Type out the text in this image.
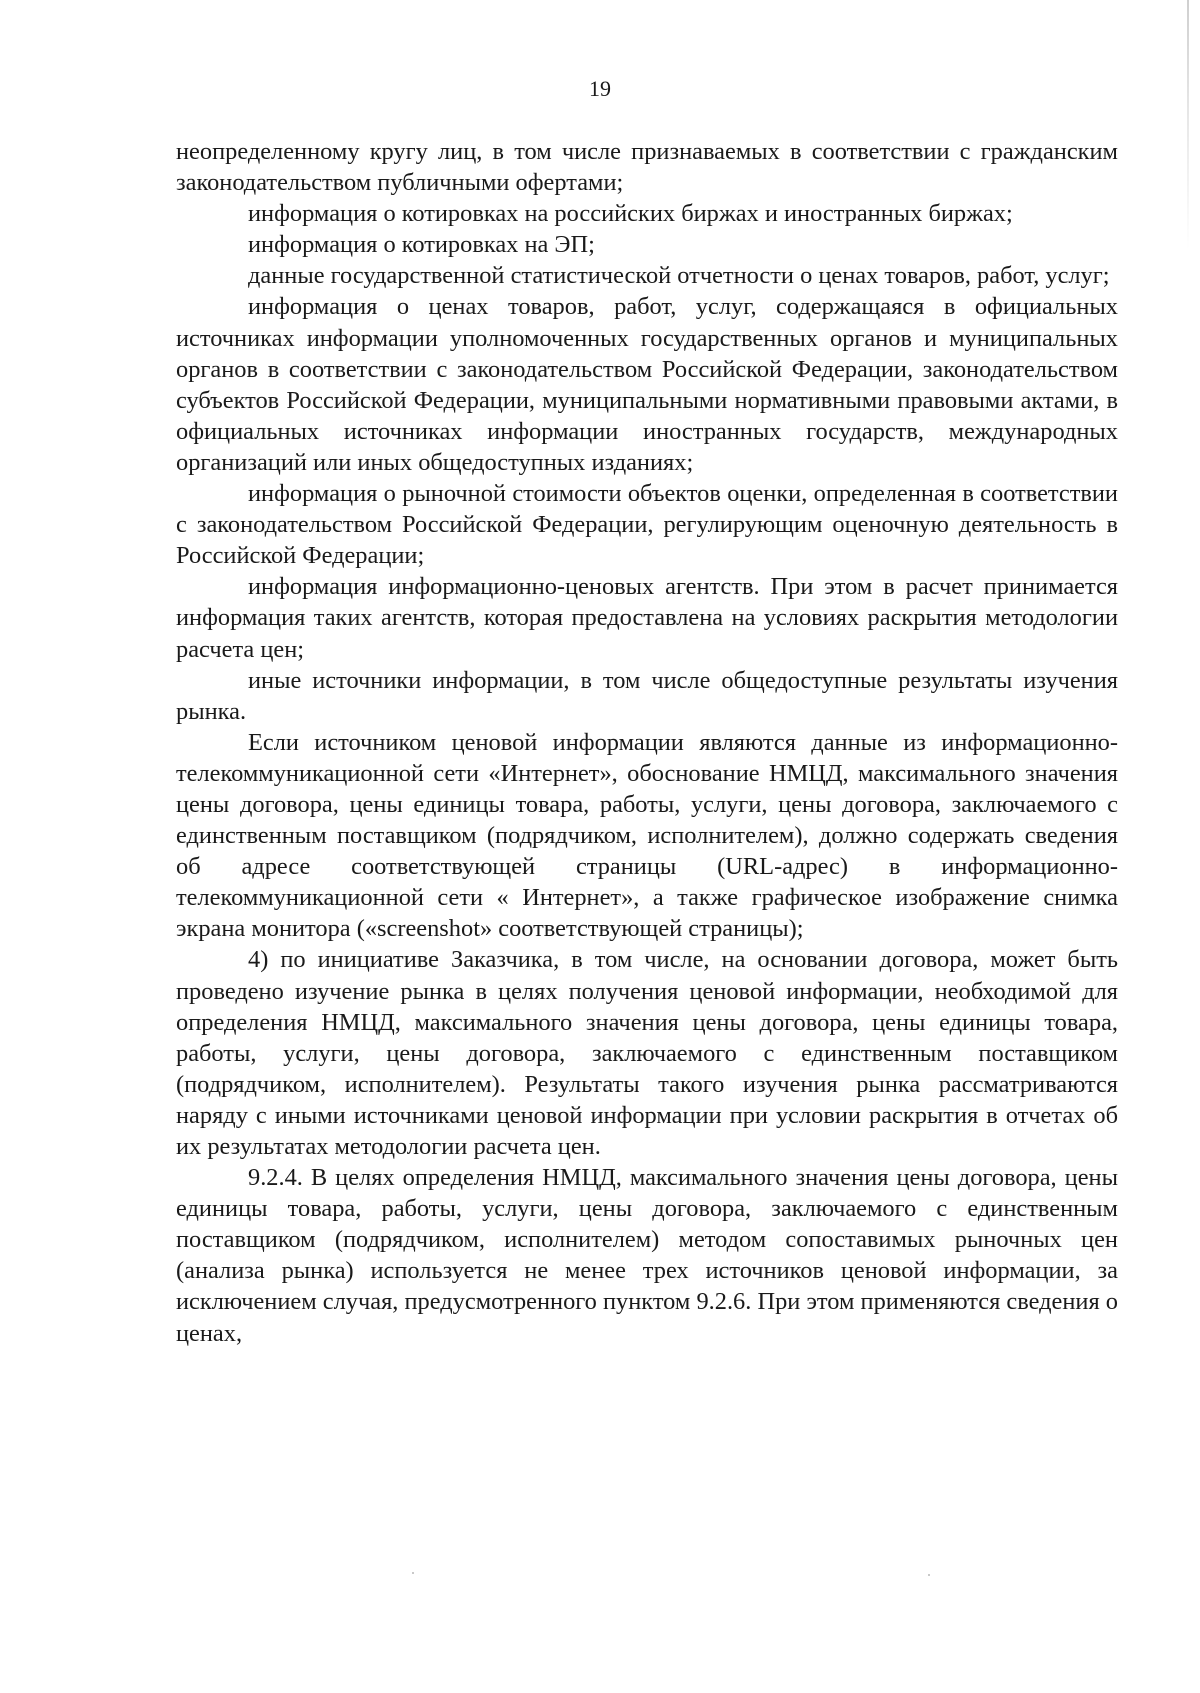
19

неопределенному кругу лиц, в том числе признаваемых в соответствии с гражданским законодательством публичными офертами;

информация о котировках на российских биржах и иностранных биржах;

информация о котировках на ЭП;

данные государственной статистической отчетности о ценах товаров, работ, услуг;

информация о ценах товаров, работ, услуг, содержащаяся в официальных источниках информации уполномоченных государственных органов и муниципальных органов в соответствии с законодательством Российской Федерации, законодательством субъектов Российской Федерации, муниципальными нормативными правовыми актами, в официальных источниках информации иностранных государств, международных организаций или иных общедоступных изданиях;

информация о рыночной стоимости объектов оценки, определенная в соответствии с законодательством Российской Федерации, регулирующим оценочную деятельность в Российской Федерации;

информация информационно-ценовых агентств. При этом в расчет принимается информация таких агентств, которая предоставлена на условиях раскрытия методологии расчета цен;

иные источники информации, в том числе общедоступные результаты изучения рынка.

Если источником ценовой информации являются данные из информационно-телекоммуникационной сети «Интернет», обоснование НМЦД, максимального значения цены договора, цены единицы товара, работы, услуги, цены договора, заключаемого с единственным поставщиком (подрядчиком, исполнителем), должно содержать сведения об адресе соответствующей страницы (URL-адрес) в информационно-телекоммуникационной сети « Интернет», а также графическое изображение снимка экрана монитора («screenshot» соответствующей страницы);

4) по инициативе Заказчика, в том числе, на основании договора, может быть проведено изучение рынка в целях получения ценовой информации, необходимой для определения НМЦД, максимального значения цены договора, цены единицы товара, работы, услуги, цены договора, заключаемого с единственным поставщиком (подрядчиком, исполнителем). Результаты такого изучения рынка рассматриваются наряду с иными источниками ценовой информации при условии раскрытия в отчетах об их результатах методологии расчета цен.

9.2.4. В целях определения НМЦД, максимального значения цены договора, цены единицы товара, работы, услуги, цены договора, заключаемого с единственным поставщиком (подрядчиком, исполнителем) методом сопоставимых рыночных цен (анализа рынка) используется не менее трех источников ценовой информации, за исключением случая, предусмотренного пунктом 9.2.6. При этом применяются сведения о ценах,
